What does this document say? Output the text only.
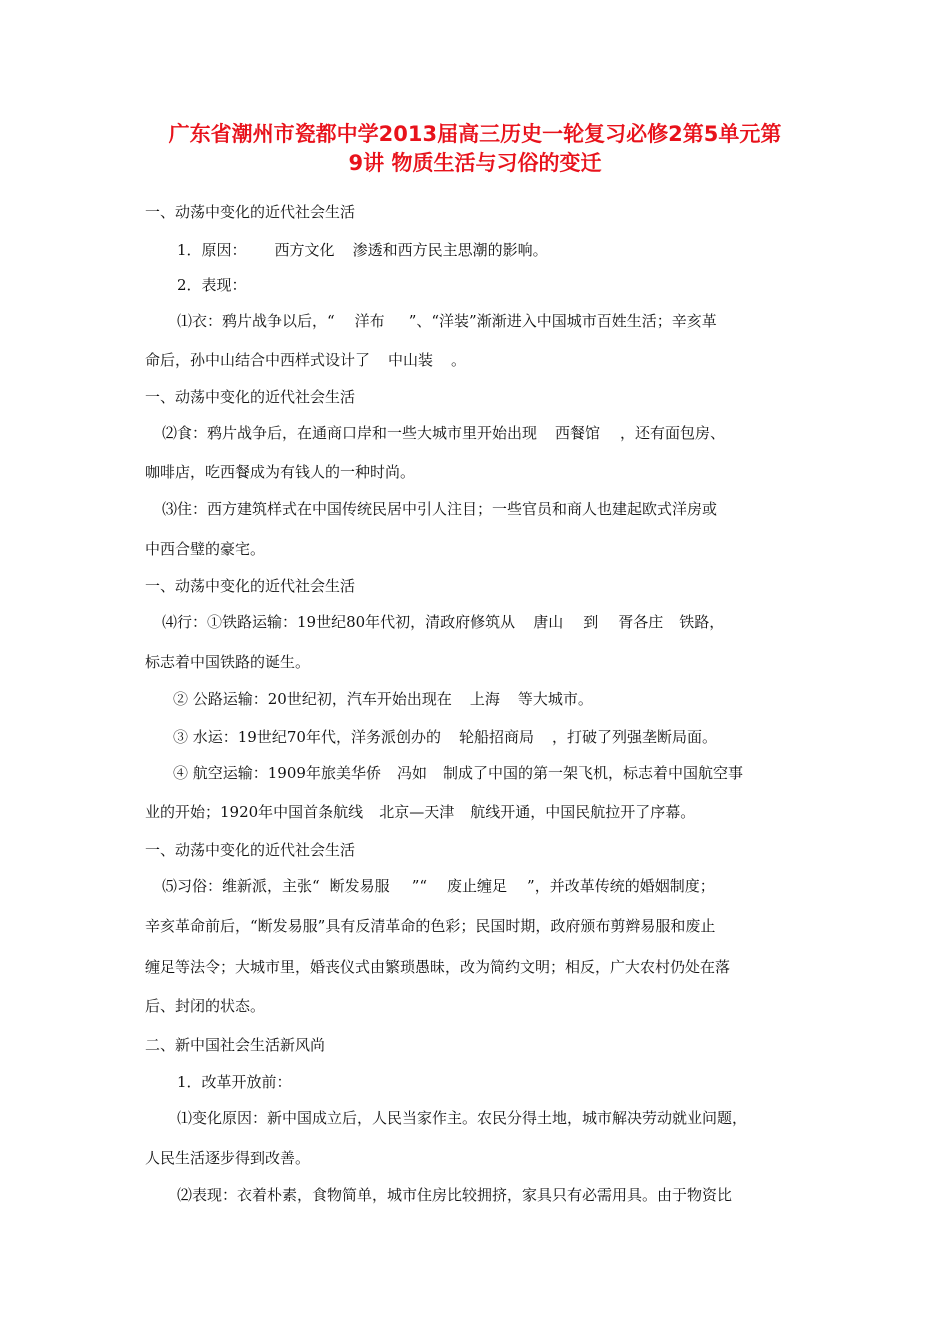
广东省潮州市瓷都中学2013届高三历史一轮复习必修2第5单元第
9讲 物质生活与习俗的变迁
一、动荡中变化的近代社会生活
1．原因： 西方文化 渗透和西方民主思潮的影响。
2．表现：
⑴衣：鸦片战争以后，“ 洋布 ”、“洋装”渐渐进入中国城市百姓生活；辛亥革
命后，孙中山结合中西样式设计了 中山装 。
一、动荡中变化的近代社会生活
⑵食：鸦片战争后，在通商口岸和一些大城市里开始出现 西餐馆 ，还有面包房、
咖啡店，吃西餐成为有钱人的一种时尚。
⑶住：西方建筑样式在中国传统民居中引人注目；一些官员和商人也建起欧式洋房或
中西合璧的豪宅。
一、动荡中变化的近代社会生活
⑷行：①铁路运输：19世纪80年代初，清政府修筑从 唐山 到 胥各庄 铁路，
标志着中国铁路的诞生。
② 公路运输：20世纪初，汽车开始出现在 上海 等大城市。
③ 水运：19世纪70年代，洋务派创办的 轮船招商局 ，打破了列强垄断局面。
④ 航空运输：1909年旅美华侨 冯如 制成了中国的第一架飞机，标志着中国航空事
业的开始；1920年中国首条航线 北京—天津 航线开通，中国民航拉开了序幕。
一、动荡中变化的近代社会生活
⑸习俗：维新派，主张“ 断发易服 ”“ 废止缠足 ”，并改革传统的婚姻制度；
辛亥革命前后，“断发易服”具有反清革命的色彩；民国时期，政府颁布剪辫易服和废止
缠足等法令；大城市里，婚丧仪式由繁琐愚昧，改为简约文明；相反，广大农村仍处在落
后、封闭的状态。
二、新中国社会生活新风尚
1．改革开放前：
⑴变化原因：新中国成立后，人民当家作主。农民分得土地，城市解决劳动就业问题，
人民生活逐步得到改善。
⑵表现：衣着朴素，食物简单，城市住房比较拥挤，家具只有必需用具。由于物资比
